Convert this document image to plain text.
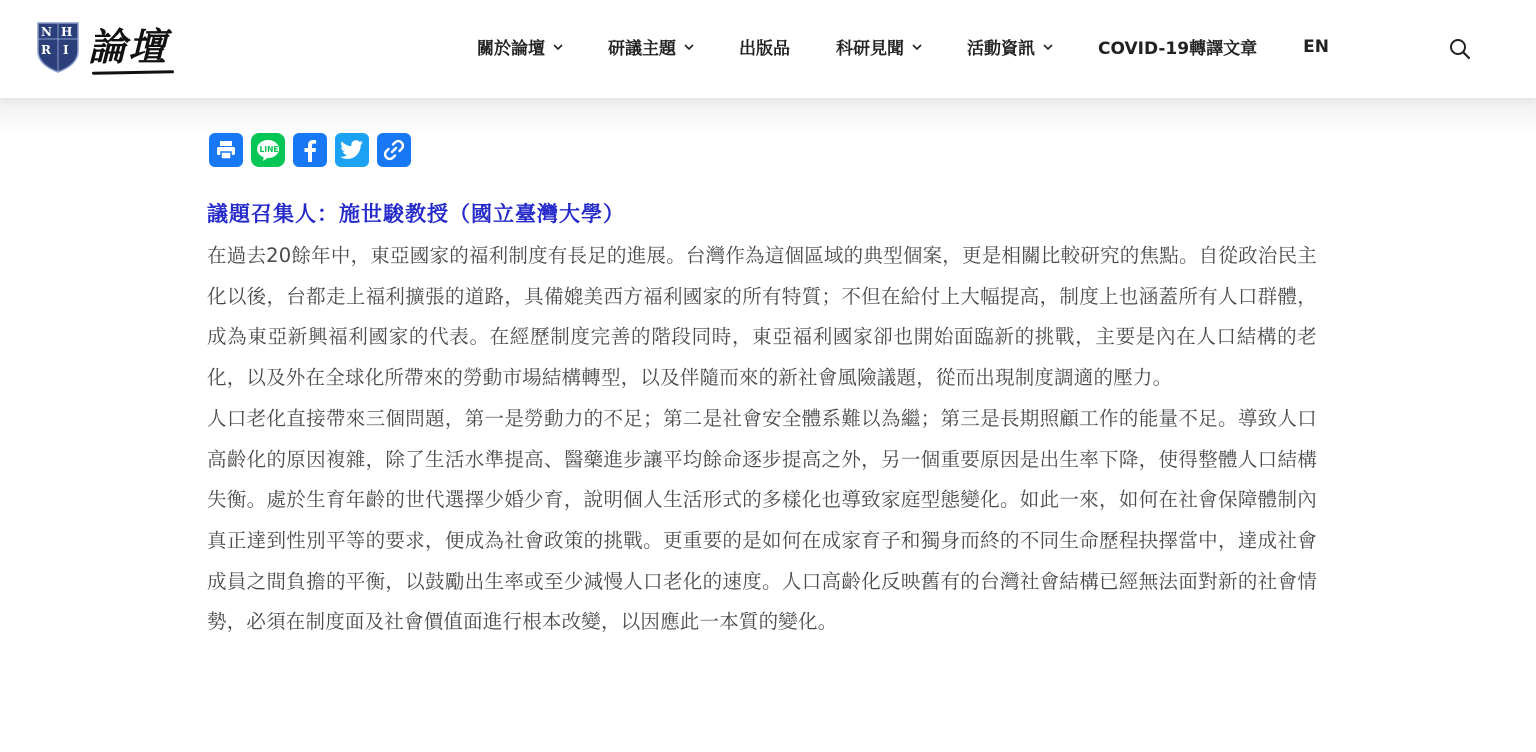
N H
R I 論壇	關於論壇	研議主題	出版品	科研見聞	活動資訊	COVID-19轉譯文章	EN
LINE
議題召集人：施世駿教授（國立臺灣大學）

在過去20餘年中，東亞國家的福利制度有長足的進展。台灣作為這個區域的典型個案，更是相關比較研究的焦點。自從政治民主化以後，台都走上福利擴張的道路，具備媲美西方福利國家的所有特質；不但在給付上大幅提高，制度上也涵蓋所有人口群體，成為東亞新興福利國家的代表。在經歷制度完善的階段同時，東亞福利國家卻也開始面臨新的挑戰，主要是內在人口結構的老化，以及外在全球化所帶來的勞動市場結構轉型，以及伴隨而來的新社會風險議題，從而出現制度調適的壓力。

人口老化直接帶來三個問題，第一是勞動力的不足；第二是社會安全體系難以為繼；第三是長期照顧工作的能量不足。導致人口高齡化的原因複雜，除了生活水準提高、醫藥進步讓平均餘命逐步提高之外，另一個重要原因是出生率下降，使得整體人口結構失衡。處於生育年齡的世代選擇少婚少育，說明個人生活形式的多樣化也導致家庭型態變化。如此一來，如何在社會保障體制內真正達到性別平等的要求，便成為社會政策的挑戰。更重要的是如何在成家育子和獨身而終的不同生命歷程抉擇當中，達成社會成員之間負擔的平衡，以鼓勵出生率或至少減慢人口老化的速度。人口高齡化反映舊有的台灣社會結構已經無法面對新的社會情勢，必須在制度面及社會價值面進行根本改變，以因應此一本質的變化。
